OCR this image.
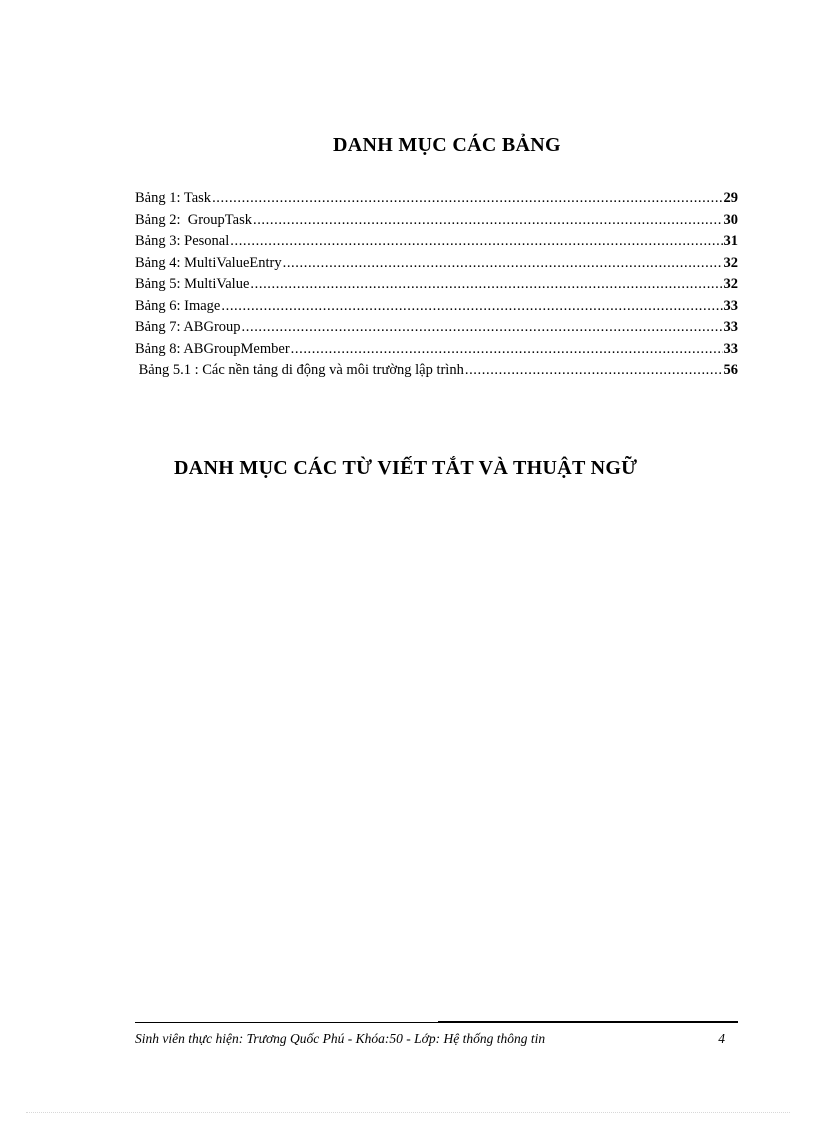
DANH MỤC CÁC BẢNG
Bảng 1: Task .....	29
Bảng 2:  GroupTask .....	30
Bảng 3: Pesonal .....	31
Bảng 4: MultiValueEntry .....	32
Bảng 5: MultiValue .....	32
Bảng 6: Image .....	33
Bảng 7: ABGroup .....	33
Bảng 8: ABGroupMember .....	33
Bảng 5.1 : Các nền tảng di động và môi trường lập trình .....	56
DANH MỤC CÁC TỪ VIẾT TẮT VÀ THUẬT NGỮ
Sinh viên thực hiện: Trương Quốc Phú - Khóa:50 - Lớp: Hệ thống thông tin	4
